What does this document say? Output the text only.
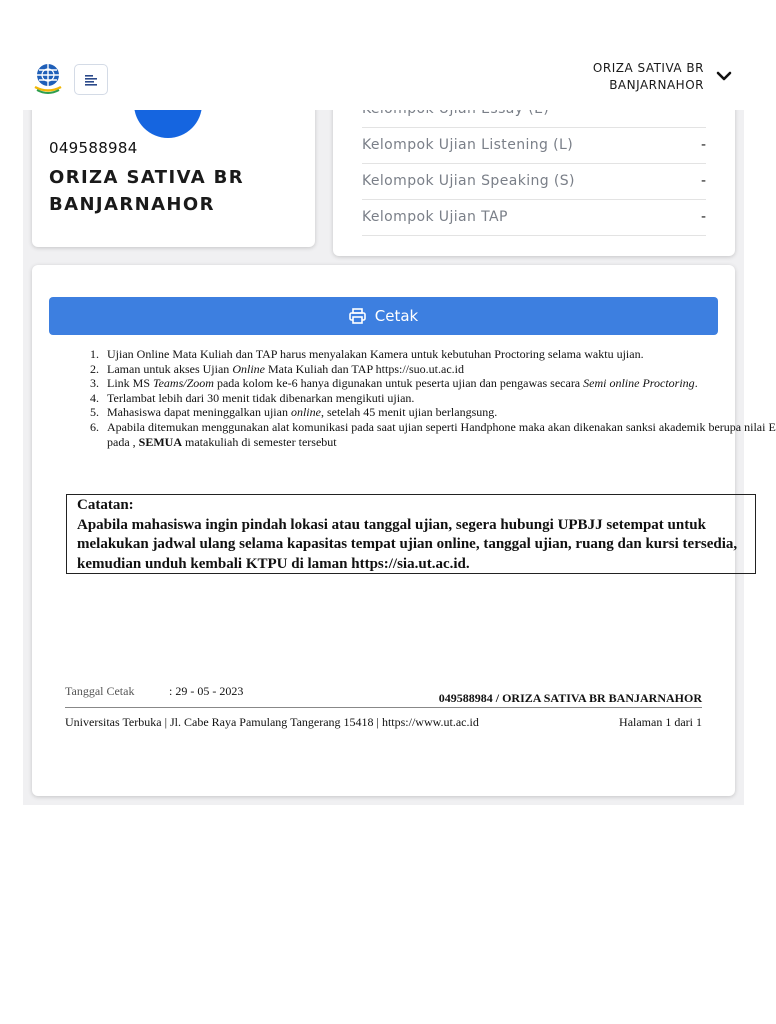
049588984
ORIZA SATIVA BR BANJARNAHOR
Kelompok Ujian Listening (L)	-
Kelompok Ujian Speaking (S)	-
Kelompok Ujian TAP	-
ORIZA SATIVA BR BANJARNAHOR
Cetak
1. Ujian Online Mata Kuliah dan TAP harus menyalakan Kamera untuk kebutuhan Proctoring selama waktu ujian.
2. Laman untuk akses Ujian Online Mata Kuliah dan TAP https://suo.ut.ac.id
3. Link MS Teams/Zoom pada kolom ke-6 hanya digunakan untuk peserta ujian dan pengawas secara Semi online Proctoring.
4. Terlambat lebih dari 30 menit tidak dibenarkan mengikuti ujian.
5. Mahasiswa dapat meninggalkan ujian online, setelah 45 menit ujian berlangsung.
6. Apabila ditemukan menggunakan alat komunikasi pada saat ujian seperti Handphone maka akan dikenakan sanksi akademik berupa nilai E
pada , SEMUA matakuliah di semester tersebut
Catatan:
Apabila mahasiswa ingin pindah lokasi atau tanggal ujian, segera hubungi UPBJJ setempat untuk
melakukan jadwal ulang selama kapasitas tempat ujian online, tanggal ujian, ruang dan kursi tersedia,
kemudian unduh kembali KTPU di laman https://sia.ut.ac.id.
Tanggal Cetak	: 29 - 05 - 2023	049588984 / ORIZA SATIVA BR BANJARNAHOR
Universitas Terbuka | Jl. Cabe Raya Pamulang Tangerang 15418 | https://www.ut.ac.id	Halaman 1 dari 1
